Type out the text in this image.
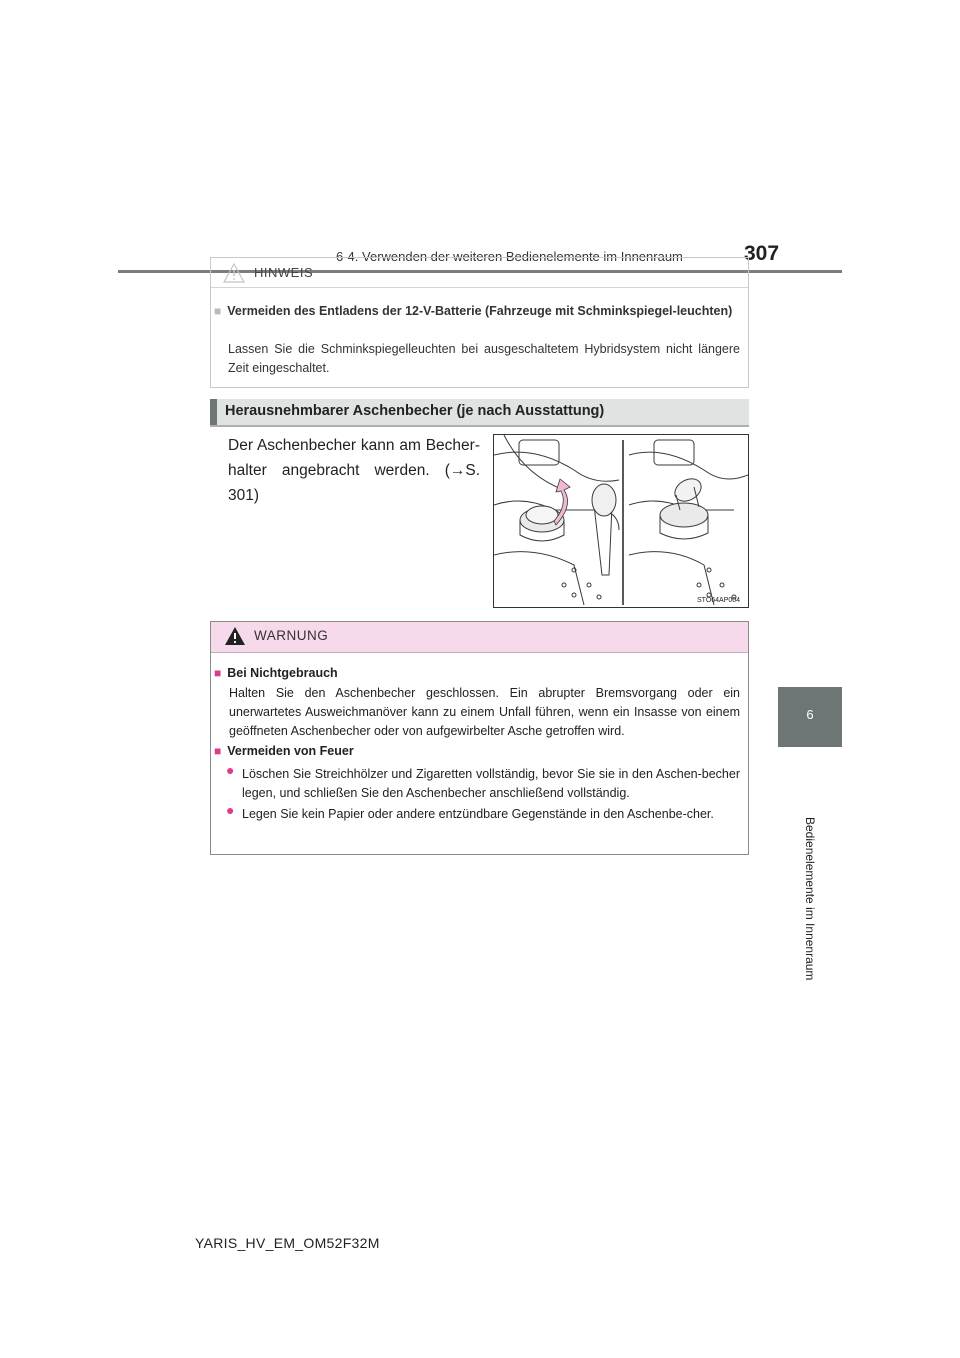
6-4. Verwenden der weiteren Bedienelemente im Innenraum	307
6
Bedienelemente im Innenraum
HINWEIS
■ Vermeiden des Entladens der 12-V-Batterie (Fahrzeuge mit Schminkspiegel-leuchten)
Lassen Sie die Schminkspiegelleuchten bei ausgeschaltetem Hybridsystem nicht längere Zeit eingeschaltet.
Herausnehmbarer Aschenbecher (je nach Ausstattung)
Der Aschenbecher kann am Becher-halter angebracht werden. (→S. 301)
STO64AP004
WARNUNG
■ Bei Nichtgebrauch
Halten Sie den Aschenbecher geschlossen. Ein abrupter Bremsvorgang oder ein unerwartetes Ausweichmanöver kann zu einem Unfall führen, wenn ein Insasse von einem geöffneten Aschenbecher oder von aufgewirbelter Asche getroffen wird.
■ Vermeiden von Feuer
● Löschen Sie Streichhölzer und Zigaretten vollständig, bevor Sie sie in den Aschen-becher legen, und schließen Sie den Aschenbecher anschließend vollständig.
● Legen Sie kein Papier oder andere entzündbare Gegenstände in den Aschenbe-cher.
YARIS_HV_EM_OM52F32M
